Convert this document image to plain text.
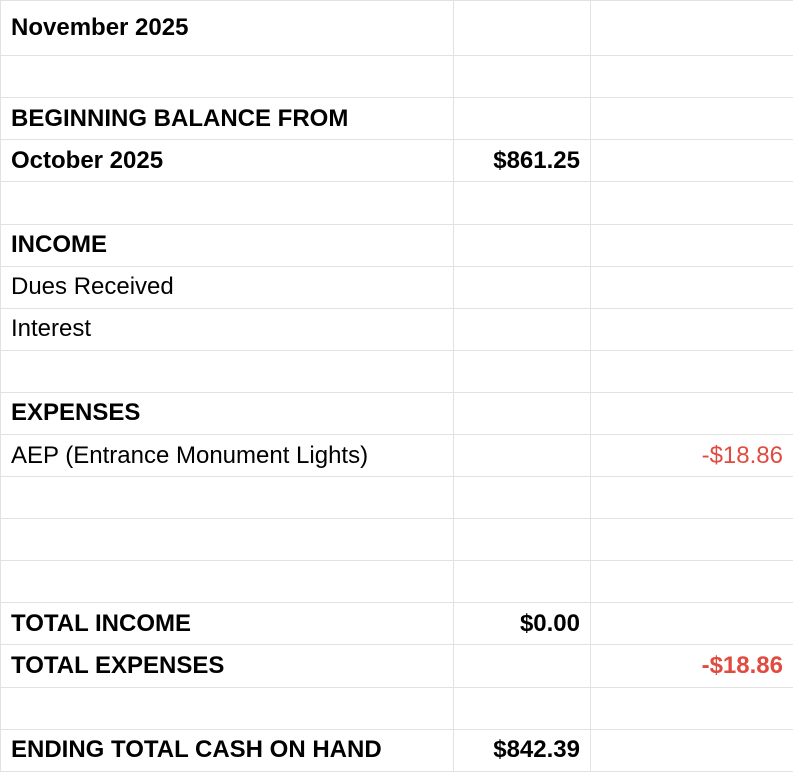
November 2025		

BEGINNING BALANCE FROM		
October 2025	$861.25	

INCOME		
Dues Received		
Interest		

EXPENSES		
AEP (Entrance Monument Lights)		-$18.86

TOTAL INCOME	$0.00	
TOTAL EXPENSES		-$18.86

ENDING TOTAL CASH ON HAND	$842.39	
